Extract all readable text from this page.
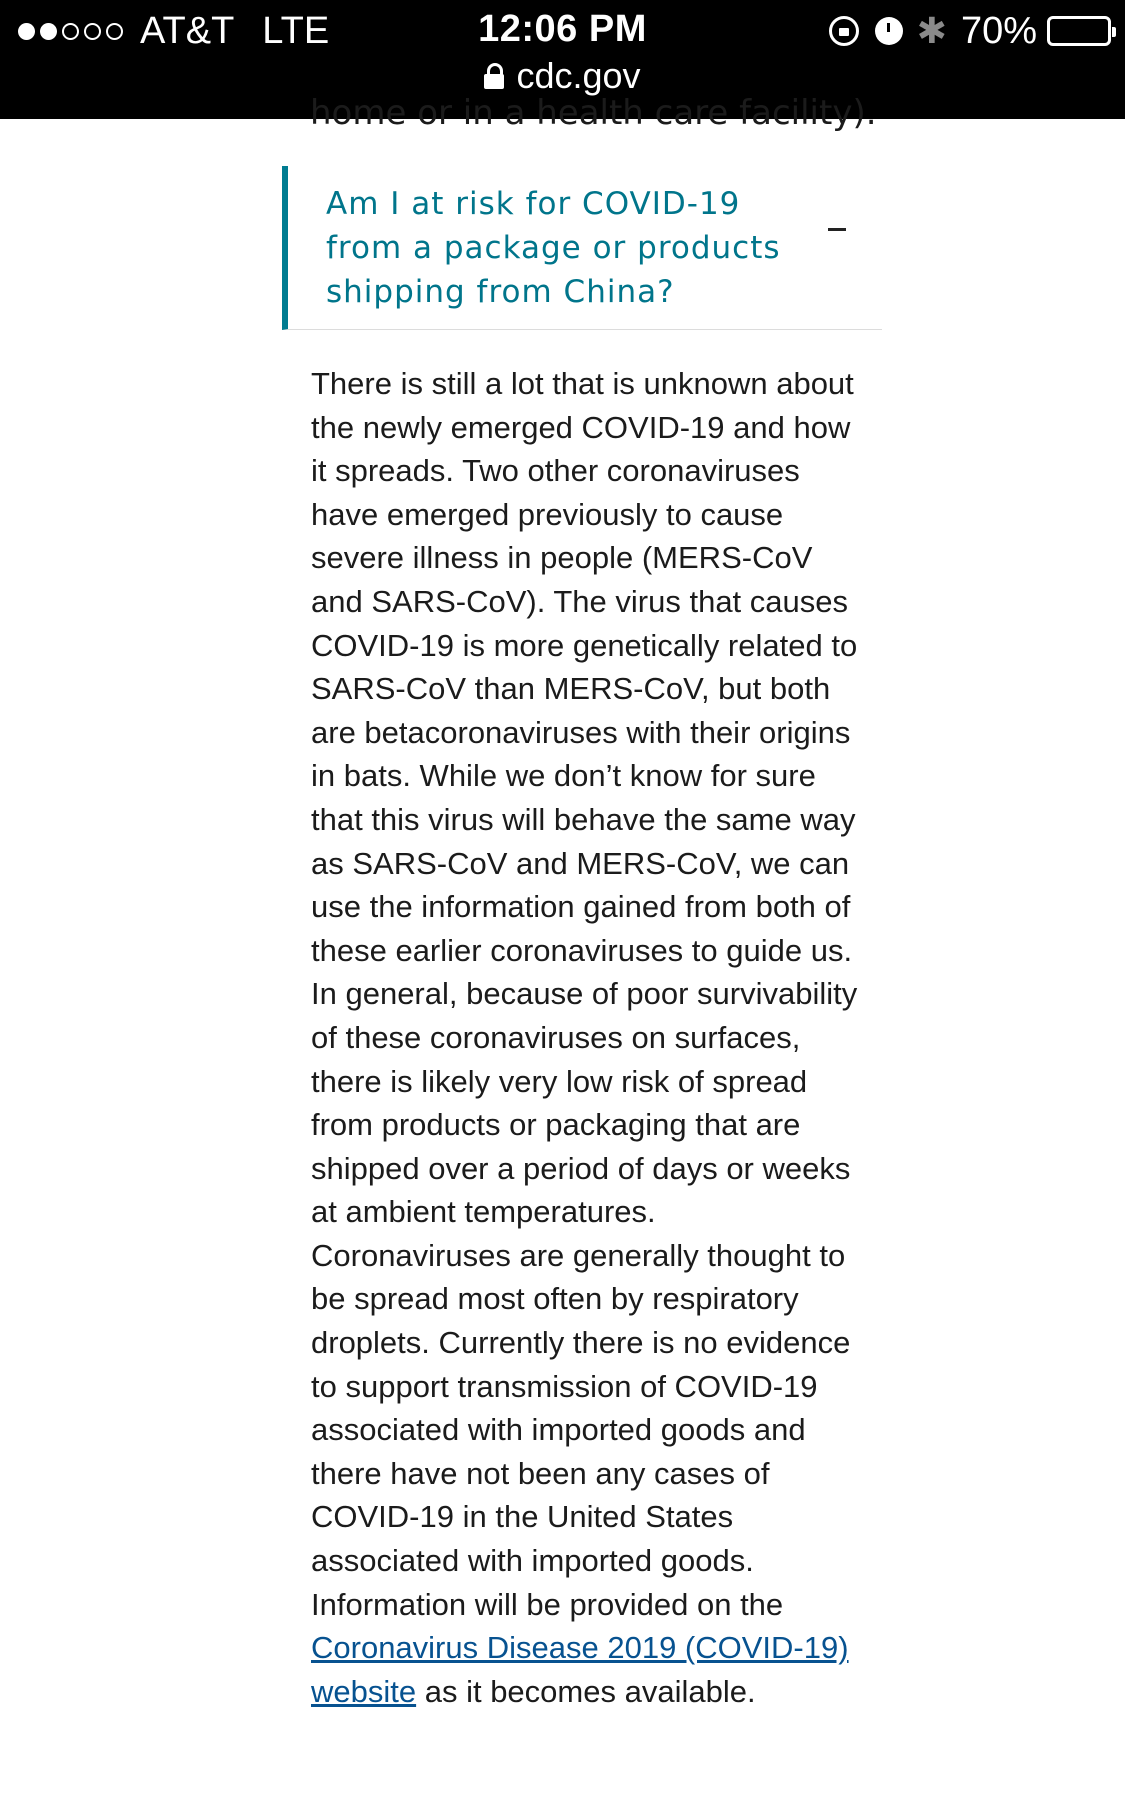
AT&T LTE	12:06 PM
cdc.gov
✱ 70%
home or in a health care facility).
Am I at risk for COVID-19 from a package or products shipping from China?
There is still a lot that is unknown about the newly emerged COVID-19 and how it spreads. Two other coronaviruses have emerged previously to cause severe illness in people (MERS-CoV and SARS-CoV). The virus that causes COVID-19 is more genetically related to SARS-CoV than MERS-CoV, but both are betacoronaviruses with their origins in bats. While we don’t know for sure that this virus will behave the same way as SARS-CoV and MERS-CoV, we can use the information gained from both of these earlier coronaviruses to guide us. In general, because of poor survivability of these coronaviruses on surfaces, there is likely very low risk of spread from products or packaging that are shipped over a period of days or weeks at ambient temperatures. Coronaviruses are generally thought to be spread most often by respiratory droplets. Currently there is no evidence to support transmission of COVID-19 associated with imported goods and there have not been any cases of COVID-19 in the United States associated with imported goods. Information will be provided on the Coronavirus Disease 2019 (COVID-19) website as it becomes available.
